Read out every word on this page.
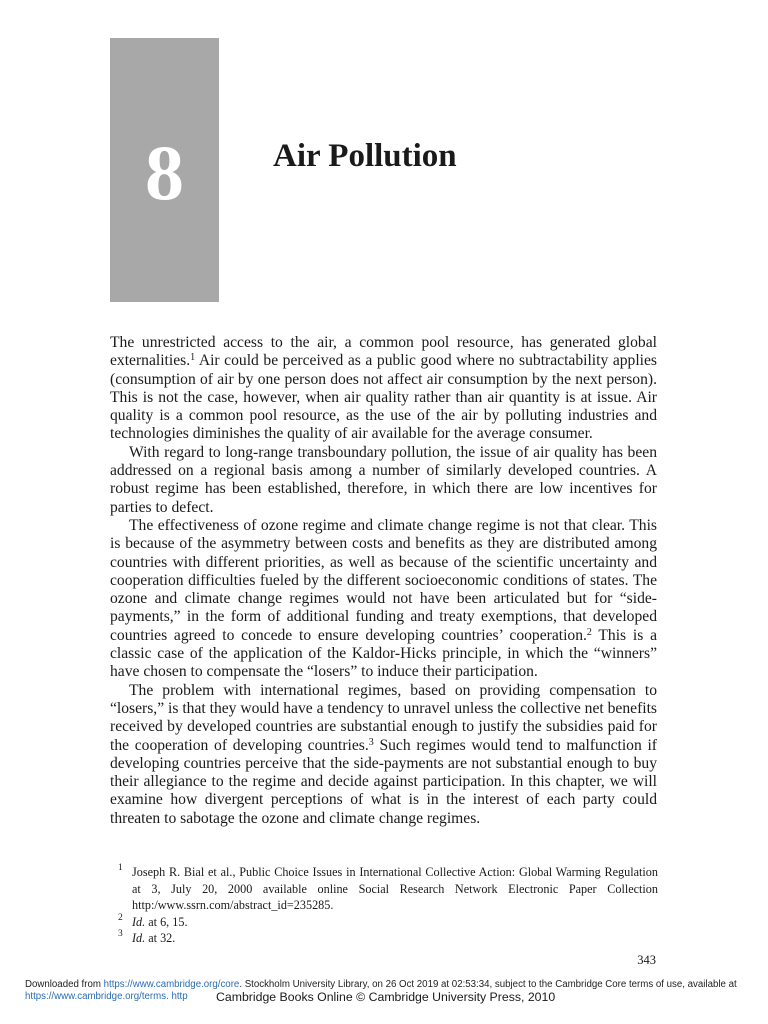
8	Air Pollution

The unrestricted access to the air, a common pool resource, has generated global externalities.$^1$ Air could be perceived as a public good where no subtractability applies (consumption of air by one person does not affect air consumption by the next person). This is not the case, however, when air quality rather than air quantity is at issue. Air quality is a common pool resource, as the use of the air by polluting industries and technologies diminishes the quality of air available for the average consumer.

With regard to long-range transboundary pollution, the issue of air quality has been addressed on a regional basis among a number of similarly developed countries. A robust regime has been established, therefore, in which there are low incentives for parties to defect.

The effectiveness of ozone regime and climate change regime is not that clear. This is because of the asymmetry between costs and benefits as they are distributed among countries with different priorities, as well as because of the scientific uncertainty and cooperation difficulties fueled by the different socioeconomic conditions of states. The ozone and climate change regimes would not have been articulated but for “side-payments,” in the form of additional funding and treaty exemptions, that developed countries agreed to concede to ensure developing countries’ cooperation.$^2$ This is a classic case of the application of the Kaldor-Hicks principle, in which the “winners” have chosen to compensate the “losers” to induce their participation.

The problem with international regimes, based on providing compensation to “losers,” is that they would have a tendency to unravel unless the collective net benefits received by developed countries are substantial enough to justify the subsidies paid for the cooperation of developing countries.$^3$ Such regimes would tend to malfunction if developing countries perceive that the side-payments are not substantial enough to buy their allegiance to the regime and decide against participation. In this chapter, we will examine how divergent perceptions of what is in the interest of each party could threaten to sabotage the ozone and climate change regimes.

1 Joseph R. Bial et al., Public Choice Issues in International Collective Action: Global Warming Regulation at 3, July 20, 2000 available online Social Research Network Electronic Paper Collection http:/www.ssrn.com/abstract_id=235285.
2 Id. at 6, 15.
3 Id. at 32.
343
Downloaded from https://www.cambridge.org/core. Stockholm University Library, on 26 Oct 2019 at 02:53:34, subject to the Cambridge Core terms of use, available at
https://www.cambridge.org/terms. http	Cambridge Books Online © Cambridge University Press, 2010
